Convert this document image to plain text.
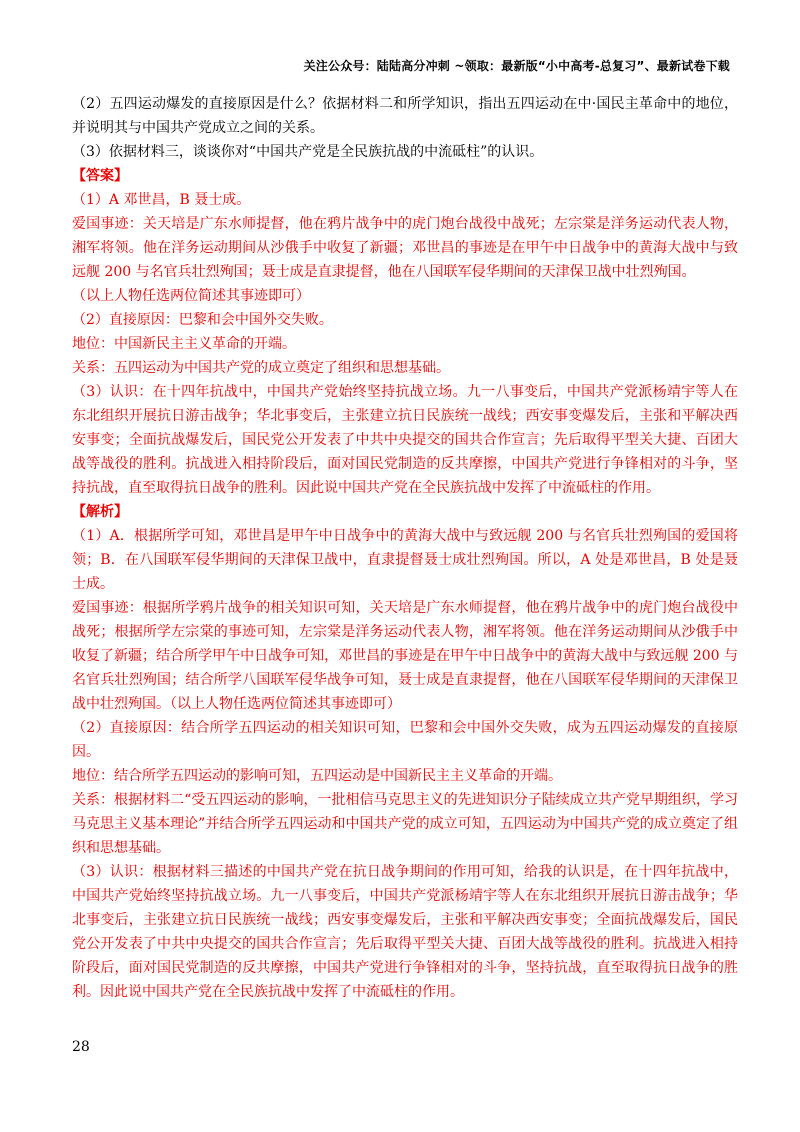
关注公众号：陆陆高分冲刺 ~领取：最新版“小中高考-总复习”、最新试卷下载

（2）五四运动爆发的直接原因是什么？依据材料二和所学知识，指出五四运动在中·国民主革命中的地位，并说明其与中国共产党成立之间的关系。

（3）依据材料三，谈谈你对“中国共产党是全民族抗战的中流砥柱”的认识。

【答案】

（1）A 邓世昌，B 聂士成。

爱国事迹：关天培是广东水师提督，他在鸦片战争中的虎门炮台战役中战死；左宗棠是洋务运动代表人物，湘军将领。他在洋务运动期间从沙俄手中收复了新疆；邓世昌的事迹是在甲午中日战争中的黄海大战中与致远舰 200 与名官兵壮烈殉国；聂士成是直隶提督，他在八国联军侵华期间的天津保卫战中壮烈殉国。

（以上人物任选两位简述其事迹即可）

（2）直接原因：巴黎和会中国外交失败。

地位：中国新民主主义革命的开端。

关系：五四运动为中国共产党的成立奠定了组织和思想基础。

（3）认识：在十四年抗战中，中国共产党始终坚持抗战立场。九一八事变后，中国共产党派杨靖宇等人在东北组织开展抗日游击战争；华北事变后，主张建立抗日民族统一战线；西安事变爆发后，主张和平解决西安事变；全面抗战爆发后，国民党公开发表了中共中央提交的国共合作宣言；先后取得平型关大捷、百团大战等战役的胜利。抗战进入相持阶段后，面对国民党制造的反共摩擦，中国共产党进行争锋相对的斗争，坚持抗战，直至取得抗日战争的胜利。因此说中国共产党在全民族抗战中发挥了中流砥柱的作用。

【解析】

（1）A．根据所学可知，邓世昌是甲午中日战争中的黄海大战中与致远舰 200 与名官兵壮烈殉国的爱国将领；B．在八国联军侵华期间的天津保卫战中，直隶提督聂士成壮烈殉国。所以，A 处是邓世昌，B 处是聂士成。

爱国事迹：根据所学鸦片战争的相关知识可知，关天培是广东水师提督，他在鸦片战争中的虎门炮台战役中战死；根据所学左宗棠的事迹可知，左宗棠是洋务运动代表人物，湘军将领。他在洋务运动期间从沙俄手中收复了新疆；结合所学甲午中日战争可知，邓世昌的事迹是在甲午中日战争中的黄海大战中与致远舰 200 与名官兵壮烈殉国；结合所学八国联军侵华战争可知，聂士成是直隶提督，他在八国联军侵华期间的天津保卫战中壮烈殉国。（以上人物任选两位简述其事迹即可）

（2）直接原因：结合所学五四运动的相关知识可知，巴黎和会中国外交失败，成为五四运动爆发的直接原因。

地位：结合所学五四运动的影响可知，五四运动是中国新民主主义革命的开端。

关系：根据材料二“受五四运动的影响，一批相信马克思主义的先进知识分子陆续成立共产党早期组织，学习马克思主义基本理论”并结合所学五四运动和中国共产党的成立可知，五四运动为中国共产党的成立奠定了组织和思想基础。

（3）认识：根据材料三描述的中国共产党在抗日战争期间的作用可知，给我的认识是，在十四年抗战中，中国共产党始终坚持抗战立场。九一八事变后，中国共产党派杨靖宇等人在东北组织开展抗日游击战争；华北事变后，主张建立抗日民族统一战线；西安事变爆发后，主张和平解决西安事变；全面抗战爆发后，国民党公开发表了中共中央提交的国共合作宣言；先后取得平型关大捷、百团大战等战役的胜利。抗战进入相持阶段后，面对国民党制造的反共摩擦，中国共产党进行争锋相对的斗争，坚持抗战，直至取得抗日战争的胜利。因此说中国共产党在全民族抗战中发挥了中流砥柱的作用。

28
